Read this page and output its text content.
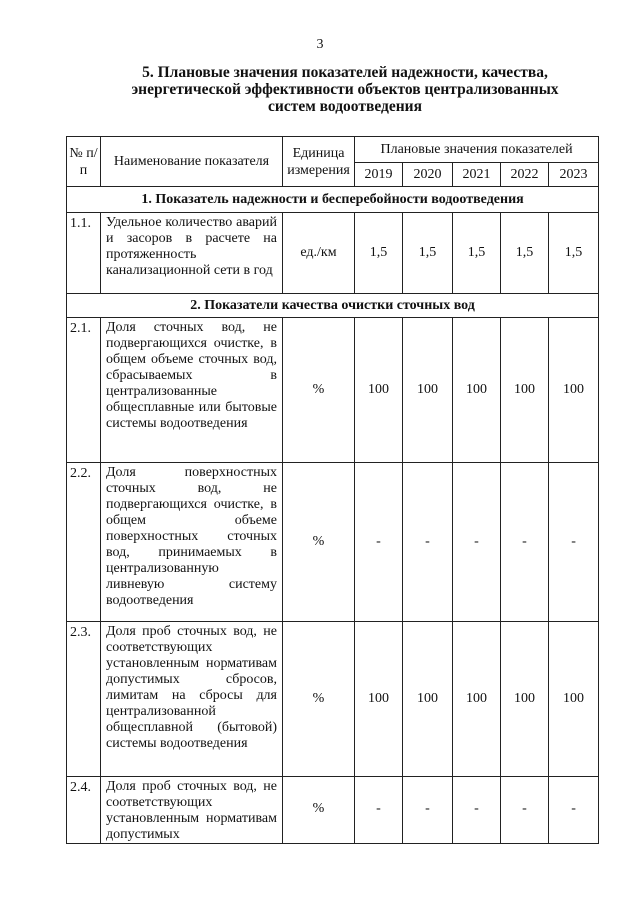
3
5. Плановые значения показателей надежности, качества,
энергетической эффективности объектов централизованных
систем водоотведения
№ п/п	Наименование показателя	Единица измерения	Плановые значения показателей				
			2019	2020	2021	2022	2023
1. Показатель надежности и бесперебойности водоотведения							
1.1.	Удельное количество аварий и засоров в расчете на протяженность канализационной сети в год	ед./км	1,5	1,5	1,5	1,5	1,5
2. Показатели качества очистки сточных вод							
2.1.	Доля сточных вод, не подвергающихся очистке, в общем объеме сточных вод, сбрасываемых в централизованные общесплавные или бытовые системы водоотведения	%	100	100	100	100	100
2.2.	Доля поверхностных сточных вод, не подвергающихся очистке, в общем объеме поверхностных сточных вод, принимаемых в централизованную ливневую систему водоотведения	%	-	-	-	-	-
2.3.	Доля проб сточных вод, не соответствующих установленным нормативам допустимых сбросов, лимитам на сбросы для централизованной общесплавной (бытовой) системы водоотведения	%	100	100	100	100	100
2.4.	Доля проб сточных вод, не соответствующих установленным нормативам допустимых	%	-	-	-	-	-
